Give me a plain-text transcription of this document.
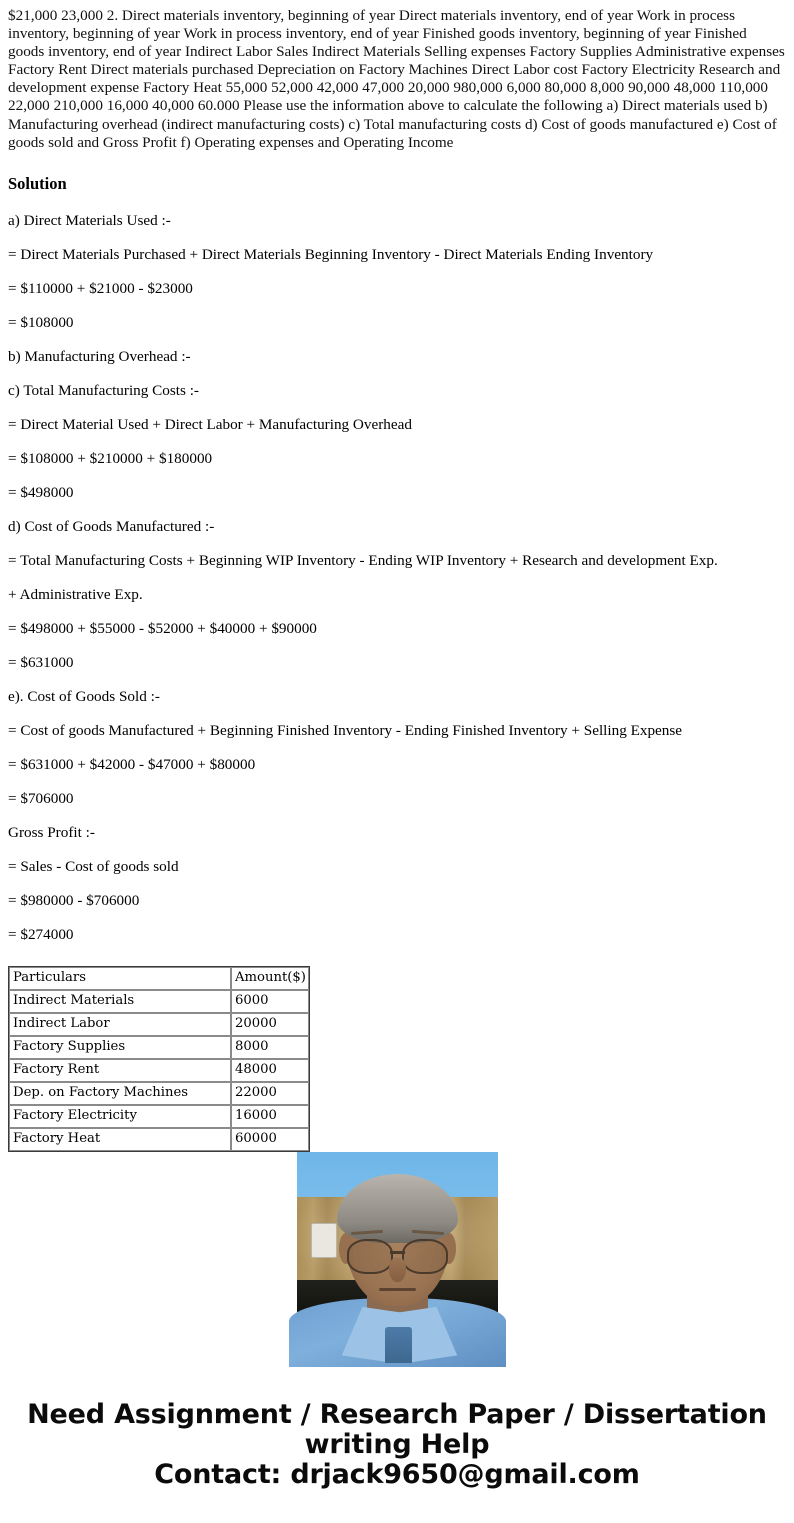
$21,000 23,000 2. Direct materials inventory, beginning of year Direct materials inventory, end of year Work in process inventory, beginning of year Work in process inventory, end of year Finished goods inventory, beginning of year Finished goods inventory, end of year Indirect Labor Sales Indirect Materials Selling expenses Factory Supplies Administrative expenses Factory Rent Direct materials purchased Depreciation on Factory Machines Direct Labor cost Factory Electricity Research and development expense Factory Heat 55,000 52,000 42,000 47,000 20,000 980,000 6,000 80,000 8,000 90,000 48,000 110,000 22,000 210,000 16,000 40,000 60.000 Please use the information above to calculate the following a) Direct materials used b) Manufacturing overhead (indirect manufacturing costs) c) Total manufacturing costs d) Cost of goods manufactured e) Cost of goods sold and Gross Profit f) Operating expenses and Operating Income
Solution
a) Direct Materials Used :-
= Direct Materials Purchased + Direct Materials Beginning Inventory - Direct Materials Ending Inventory
= $110000 + $21000 - $23000
= $108000
b) Manufacturing Overhead :-
c) Total Manufacturing Costs :-
= Direct Material Used + Direct Labor + Manufacturing Overhead
= $108000 + $210000 + $180000
= $498000
d) Cost of Goods Manufactured :-
= Total Manufacturing Costs + Beginning WIP Inventory - Ending WIP Inventory + Research and development Exp.
+ Administrative Exp.
= $498000 + $55000 - $52000 + $40000 + $90000
= $631000
e). Cost of Goods Sold :-
= Cost of goods Manufactured + Beginning Finished Inventory - Ending Finished Inventory + Selling Expense
= $631000 + $42000 - $47000 + $80000
= $706000
Gross Profit :-
= Sales - Cost of goods sold
= $980000 - $706000
= $274000
Particulars	Amount($)
Indirect Materials	6000
Indirect Labor	20000
Factory Supplies	8000
Factory Rent	48000
Dep. on Factory Machines	22000
Factory Electricity	16000
Factory Heat	60000
Need Assignment / Research Paper / Dissertation
writing Help
Contact: drjack9650@gmail.com
